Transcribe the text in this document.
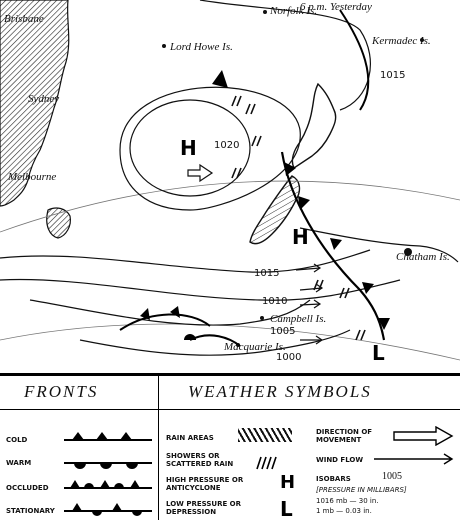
6 p.m. Yesterday
Brisbane
Sydney
Melbourne
Norfolk Is.
Lord Howe Is.	Kermadec Is.
Chatham Is.
Campbell Is.
Macquarie Is.
1020
1015
1015
1010
1005
1000
H
H
L
FRONTS	WEATHER SYMBOLS
COLD
WARM
OCCLUDED
STATIONARY
RAIN AREAS
SHOWERS OR SCATTERED RAIN
HIGH PRESSURE OR ANTICYCLONE	H
LOW PRESSURE OR DEPRESSION	L
DIRECTION OF MOVEMENT
WIND FLOW
ISOBARS	1005
[PRESSURE IN MILLIBARS]
1016 mb — 30 in.
1 mb — 0.03 in.
